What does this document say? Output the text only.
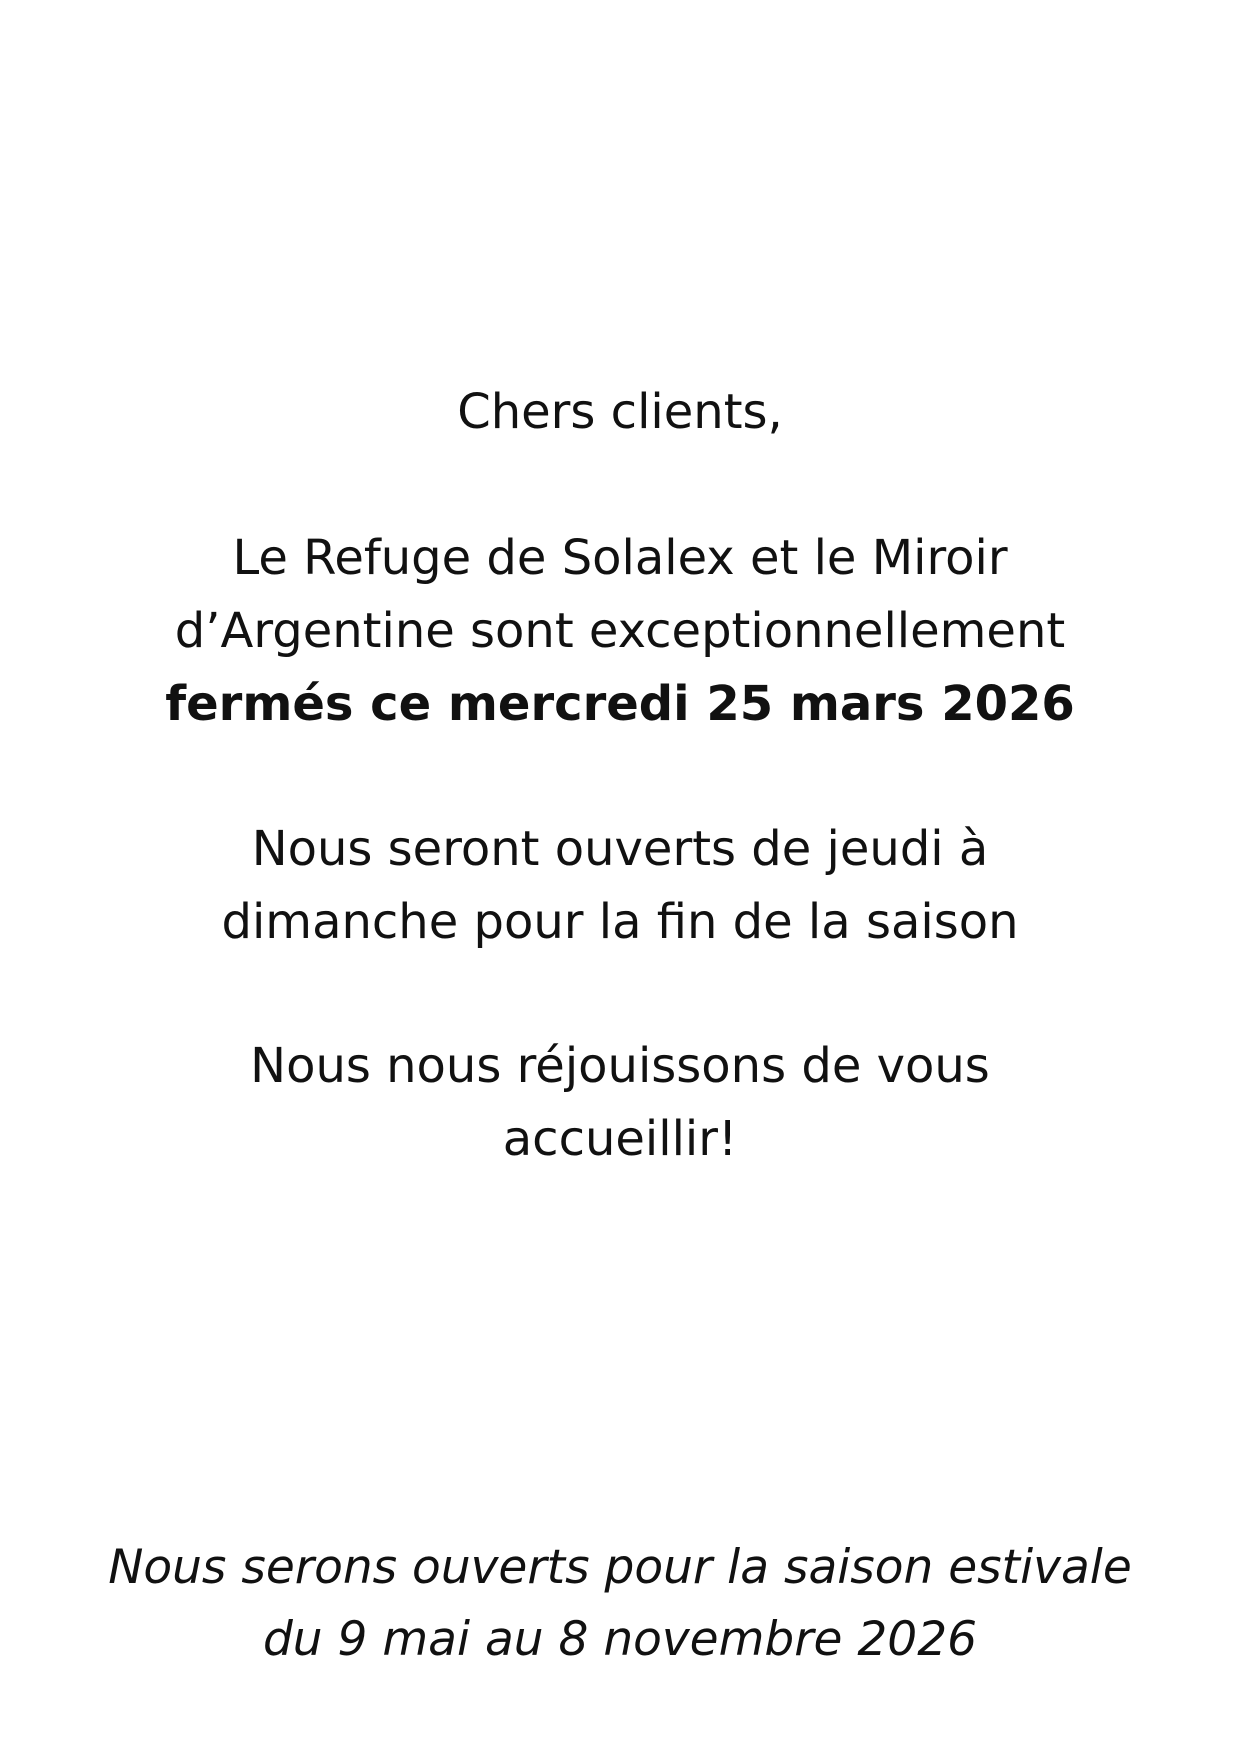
Chers clients,

Le Refuge de Solalex et le Miroir
d’Argentine sont exceptionnellement
fermés ce mercredi 25 mars 2026

Nous seront ouverts de jeudi à
dimanche pour la fin de la saison

Nous nous réjouissons de vous
accueillir!

Nous serons ouverts pour la saison estivale
du 9 mai au 8 novembre 2026
